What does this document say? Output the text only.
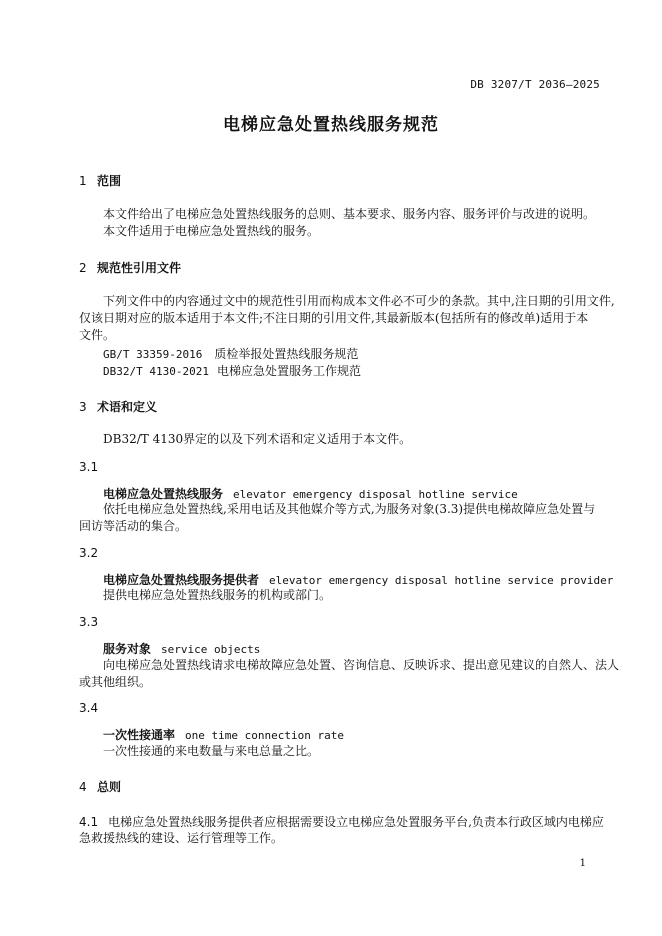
DB 3207/T 2036—2025
电梯应急处置热线服务规范
1 范围
本文件给出了电梯应急处置热线服务的总则、基本要求、服务内容、服务评价与改进的说明。
本文件适用于电梯应急处置热线的服务。
2 规范性引用文件
下列文件中的内容通过文中的规范性引用而构成本文件必不可少的条款。其中,注日期的引用文件,
仅该日期对应的版本适用于本文件;不注日期的引用文件,其最新版本(包括所有的修改单)适用于本
文件。
GB/T 33359-2016 质检举报处置热线服务规范
DB32/T 4130-2021 电梯应急处置服务工作规范
3 术语和定义
DB32/T 4130界定的以及下列术语和定义适用于本文件。
3.1
电梯应急处置热线服务 elevator emergency disposal hotline service
依托电梯应急处置热线,采用电话及其他媒介等方式,为服务对象(3.3)提供电梯故障应急处置与
回访等活动的集合。
3.2
电梯应急处置热线服务提供者 elevator emergency disposal hotline service provider
提供电梯应急处置热线服务的机构或部门。
3.3
服务对象 service objects
向电梯应急处置热线请求电梯故障应急处置、咨询信息、反映诉求、提出意见建议的自然人、法人
或其他组织。
3.4
一次性接通率 one time connection rate
一次性接通的来电数量与来电总量之比。
4 总则
4.1 电梯应急处置热线服务提供者应根据需要设立电梯应急处置服务平台,负责本行政区域内电梯应
急救援热线的建设、运行管理等工作。
1
